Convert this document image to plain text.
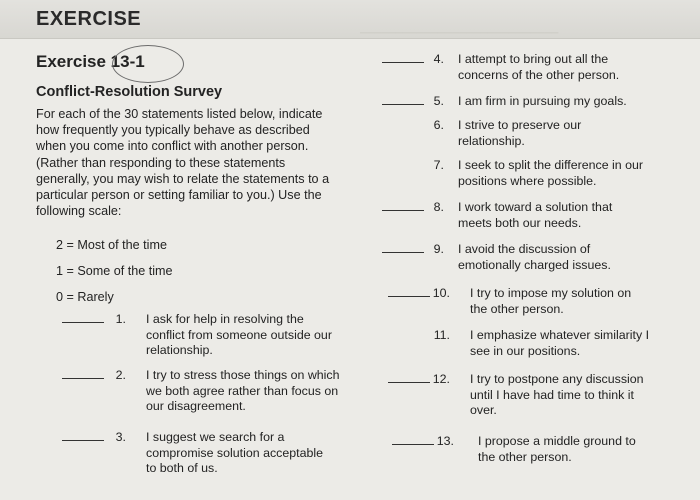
EXERCISE
────────────────────────────
Exercise 13-1
Conflict-Resolution Survey
For each of the 30 statements listed below, indicate how frequently you typically behave as described when you come into conflict with another person. (Rather than responding to these statements generally, you may wish to relate the statements to a particular person or setting familiar to you.) Use the following scale:
2 = Most of the time
1 = Some of the time
0 = Rarely
1. I ask for help in resolving the conflict from someone outside our relationship.
2. I try to stress those things on which we both agree rather than focus on our disagreement.
3. I suggest we search for a compromise solution acceptable to both of us.
4. I attempt to bring out all the concerns of the other person.
5. I am firm in pursuing my goals.
6. I strive to preserve our relationship.
7. I seek to split the difference in our positions where possible.
8. I work toward a solution that meets both our needs.
9. I avoid the discussion of emotionally charged issues.
10. I try to impose my solution on the other person.
11. I emphasize whatever similarity I see in our positions.
12. I try to postpone any discussion until I have had time to think it over.
13. I propose a middle ground to the other person.
